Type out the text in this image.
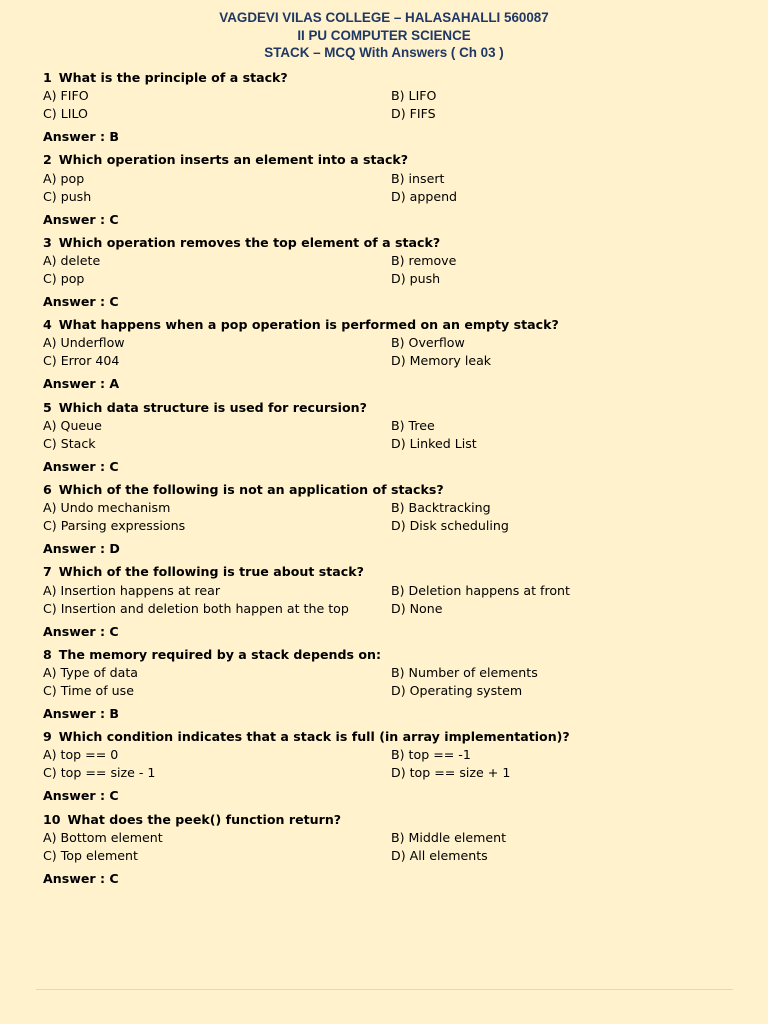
VAGDEVI VILAS COLLEGE – HALASAHALLI 560087
II PU COMPUTER SCIENCE
STACK – MCQ With Answers ( Ch 03 )
1 What is the principle of a stack?
A) FIFO	B) LIFO
C) LILO	D) FIFS
Answer : B
2 Which operation inserts an element into a stack?
A) pop	B) insert
C) push	D) append
Answer : C
3 Which operation removes the top element of a stack?
A) delete	B) remove
C) pop	D) push
Answer : C
4 What happens when a pop operation is performed on an empty stack?
A) Underflow	B) Overflow
C) Error 404	D) Memory leak
Answer : A
5 Which data structure is used for recursion?
A) Queue	B) Tree
C) Stack	D) Linked List
Answer : C
6 Which of the following is not an application of stacks?
A) Undo mechanism	B) Backtracking
C) Parsing expressions	D) Disk scheduling
Answer : D
7 Which of the following is true about stack?
A) Insertion happens at rear	B) Deletion happens at front
C) Insertion and deletion both happen at the top	D) None
Answer : C
8 The memory required by a stack depends on:
A) Type of data	B) Number of elements
C) Time of use	D) Operating system
Answer : B
9 Which condition indicates that a stack is full (in array implementation)?
A) top == 0	B) top == -1
C) top == size - 1	D) top == size + 1
Answer : C
10 What does the peek() function return?
A) Bottom element	B) Middle element
C) Top element	D) All elements
Answer : C
